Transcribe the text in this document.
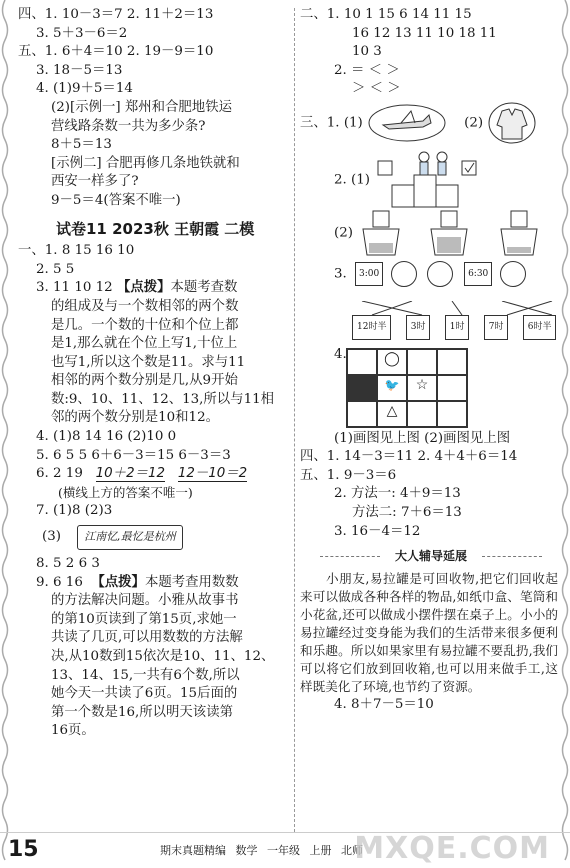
四、1. 10－3＝7 2. 11＋2＝13
3. 5＋3－6＝2
五、1. 6＋4＝10 2. 19－9＝10
3. 18－5＝13
4. (1)9＋5＝14
(2)[示例一] 郑州和合肥地铁运
营线路条数一共为多少条?
8＋5＝13
[示例二] 合肥再修几条地铁就和
西安一样多了?
9－5＝4(答案不唯一)
试卷11 2023秋 王朝霞 二模
一、1. 8 15 16 10
2. 5 5
3. 11 10 12 【点拨】本题考查数
的组成及与一个数相邻的两个数
是几。一个数的十位和个位上都
是1,那么就在个位上写1,十位上
也写1,所以这个数是11。求与11
相邻的两个数分别是几,从9开始
数:9、10、11、12、13,所以与11相
邻的两个数分别是10和12。
4. (1)8 14 16 (2)10 0
5. 6 5 5 6＋6－3＝15 6－3＝3
6. 2 19 10＋2＝12 12－10＝2
(横线上方的答案不唯一)
7. (1)8 (2)3
(3) 江南忆,最忆是杭州
8. 5 2 6 3
9. 6 16 【点拨】本题考查用数数
的方法解决问题。小雅从故事书
的第10页读到了第15页,求她一
共读了几页,可以用数数的方法解
决,从10数到15依次是10、11、12、
13、14、15,一共有6个数,所以
她今天一共读了6页。15后面的
第一个数是16,所以明天该读第
16页。
二、1. 10 1 15 6 14 11 15
16 12 13 11 10 18 11
10 3
2. ＝ ＜ ＞
＞ ＜ ＞
三、1. (1)	(2)
2. (1)
(2)
3. 3:00	6:30
12时半	3时	1时	7时	6时半
4.	◯
🐦	☆
△
(1)画图见上图 (2)画图见上图
四、1. 14－3＝11 2. 4＋4＋6＝14
五、1. 9－3＝6
2. 方法一: 4＋9＝13
方法二: 7＋6＝13
3. 16－4＝12
大人辅导延展
小朋友,易拉罐是可回收物,把它们回收起来可以做成各种各样的物品,如纸巾盒、笔筒和小花盆,还可以做成小摆件摆在桌子上。小小的易拉罐经过变身能为我们的生活带来很多便利和乐趣。所以如果家里有易拉罐不要乱扔,我们可以将它们放到回收箱,也可以用来做手工,这样既美化了环境,也节约了资源。
4. 8＋7－5＝10
15	期末真题精编 数学 一年级 上册 北师
MXQE.COM
